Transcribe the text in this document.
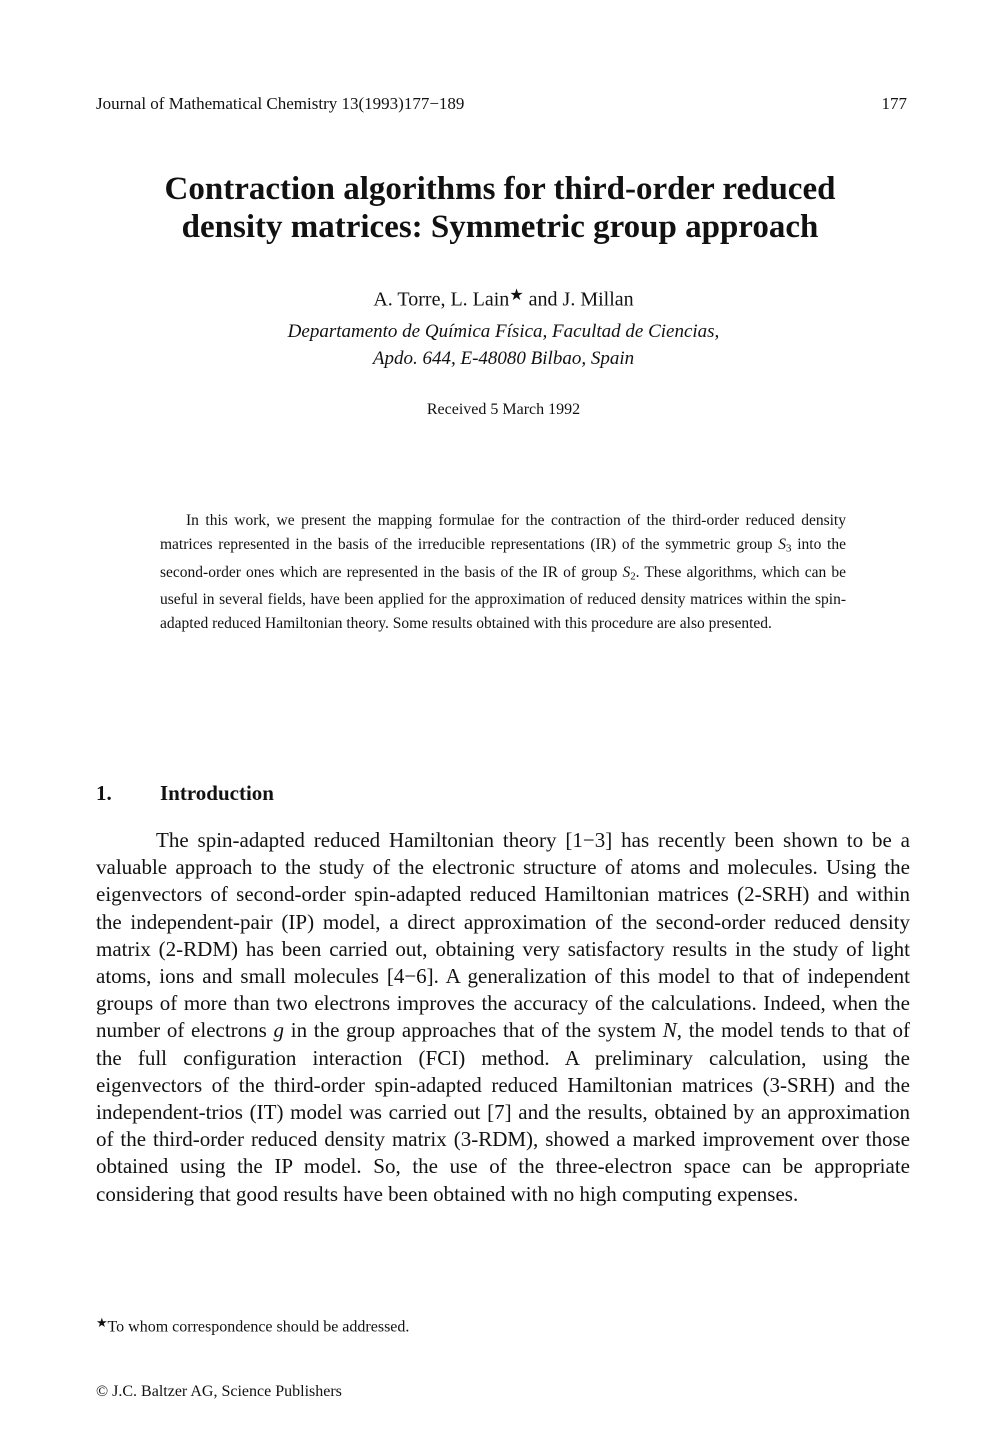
Journal of Mathematical Chemistry 13(1993)177−189	177
Contraction algorithms for third-order reduced
density matrices: Symmetric group approach
A. Torre, L. Lain★ and J. Millan
Departamento de Química Física, Facultad de Ciencias,
Apdo. 644, E-48080 Bilbao, Spain
Received 5 March 1992
In this work, we present the mapping formulae for the contraction of the third-order reduced density matrices represented in the basis of the irreducible representations (IR) of the symmetric group $S_3$ into the second-order ones which are represented in the basis of the IR of group $S_2$. These algorithms, which can be useful in several fields, have been applied for the approximation of reduced density matrices within the spin-adapted reduced Hamiltonian theory. Some results obtained with this procedure are also presented.
1. Introduction
The spin-adapted reduced Hamiltonian theory [1−3] has recently been shown to be a valuable approach to the study of the electronic structure of atoms and molecules. Using the eigenvectors of second-order spin-adapted reduced Hamiltonian matrices (2-SRH) and within the independent-pair (IP) model, a direct approximation of the second-order reduced density matrix (2-RDM) has been carried out, obtaining very satisfactory results in the study of light atoms, ions and small molecules [4−6]. A generalization of this model to that of independent groups of more than two electrons improves the accuracy of the calculations. Indeed, when the number of electrons g in the group approaches that of the system N, the model tends to that of the full configuration interaction (FCI) method. A preliminary calculation, using the eigenvectors of the third-order spin-adapted reduced Hamiltonian matrices (3-SRH) and the independent-trios (IT) model was carried out [7] and the results, obtained by an approximation of the third-order reduced density matrix (3-RDM), showed a marked improvement over those obtained using the IP model. So, the use of the three-electron space can be appropriate considering that good results have been obtained with no high computing expenses.
★To whom correspondence should be addressed.
© J.C. Baltzer AG, Science Publishers
